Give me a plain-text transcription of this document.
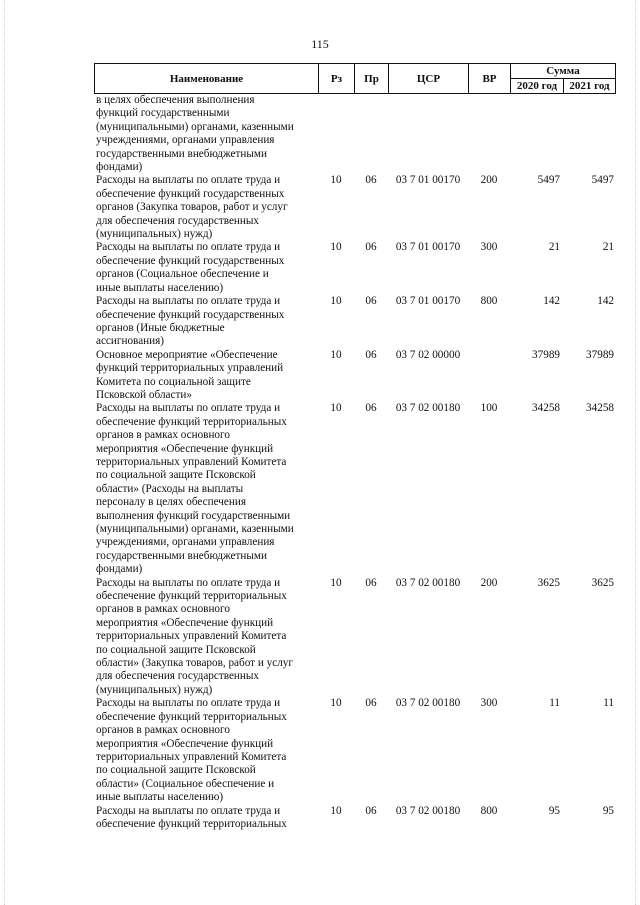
115
Наименование	Рз	Пр	ЦСР	ВР	Сумма	
					2020 год	2021 год
в целях обеспечения выполнения
функций государственными
(муниципальными) органами, казенными
учреждениями, органами управления
государственными внебюджетными
фондами)
Расходы на выплаты по оплате труда и
обеспечение функций государственных
органов (Закупка товаров, работ и услуг
для обеспечения государственных
(муниципальных) нужд)
10	06	03 7 01 00170	200	5497	5497
Расходы на выплаты по оплате труда и
обеспечение функций государственных
органов (Социальное обеспечение и
иные выплаты населению)
10	06	03 7 01 00170	300	21	21
Расходы на выплаты по оплате труда и
обеспечение функций государственных
органов (Иные бюджетные
ассигнования)
10	06	03 7 01 00170	800	142	142
Основное мероприятие «Обеспечение
функций территориальных управлений
Комитета по социальной защите
Псковской области»
10	06	03 7 02 00000	37989	37989
Расходы на выплаты по оплате труда и
обеспечение функций территориальных
органов в рамках основного
мероприятия «Обеспечение функций
территориальных управлений Комитета
по социальной защите Псковской
области» (Расходы на выплаты
персоналу в целях обеспечения
выполнения функций государственными
(муниципальными) органами, казенными
учреждениями, органами управления
государственными внебюджетными
фондами)
10	06	03 7 02 00180	100	34258	34258
Расходы на выплаты по оплате труда и
обеспечение функций территориальных
органов в рамках основного
мероприятия «Обеспечение функций
территориальных управлений Комитета
по социальной защите Псковской
области» (Закупка товаров, работ и услуг
для обеспечения государственных
(муниципальных) нужд)
10	06	03 7 02 00180	200	3625	3625
Расходы на выплаты по оплате труда и
обеспечение функций территориальных
органов в рамках основного
мероприятия «Обеспечение функций
территориальных управлений Комитета
по социальной защите Псковской
области» (Социальное обеспечение и
иные выплаты населению)
10	06	03 7 02 00180	300	11	11
Расходы на выплаты по оплате труда и
обеспечение функций территориальных
10	06	03 7 02 00180	800	95	95
